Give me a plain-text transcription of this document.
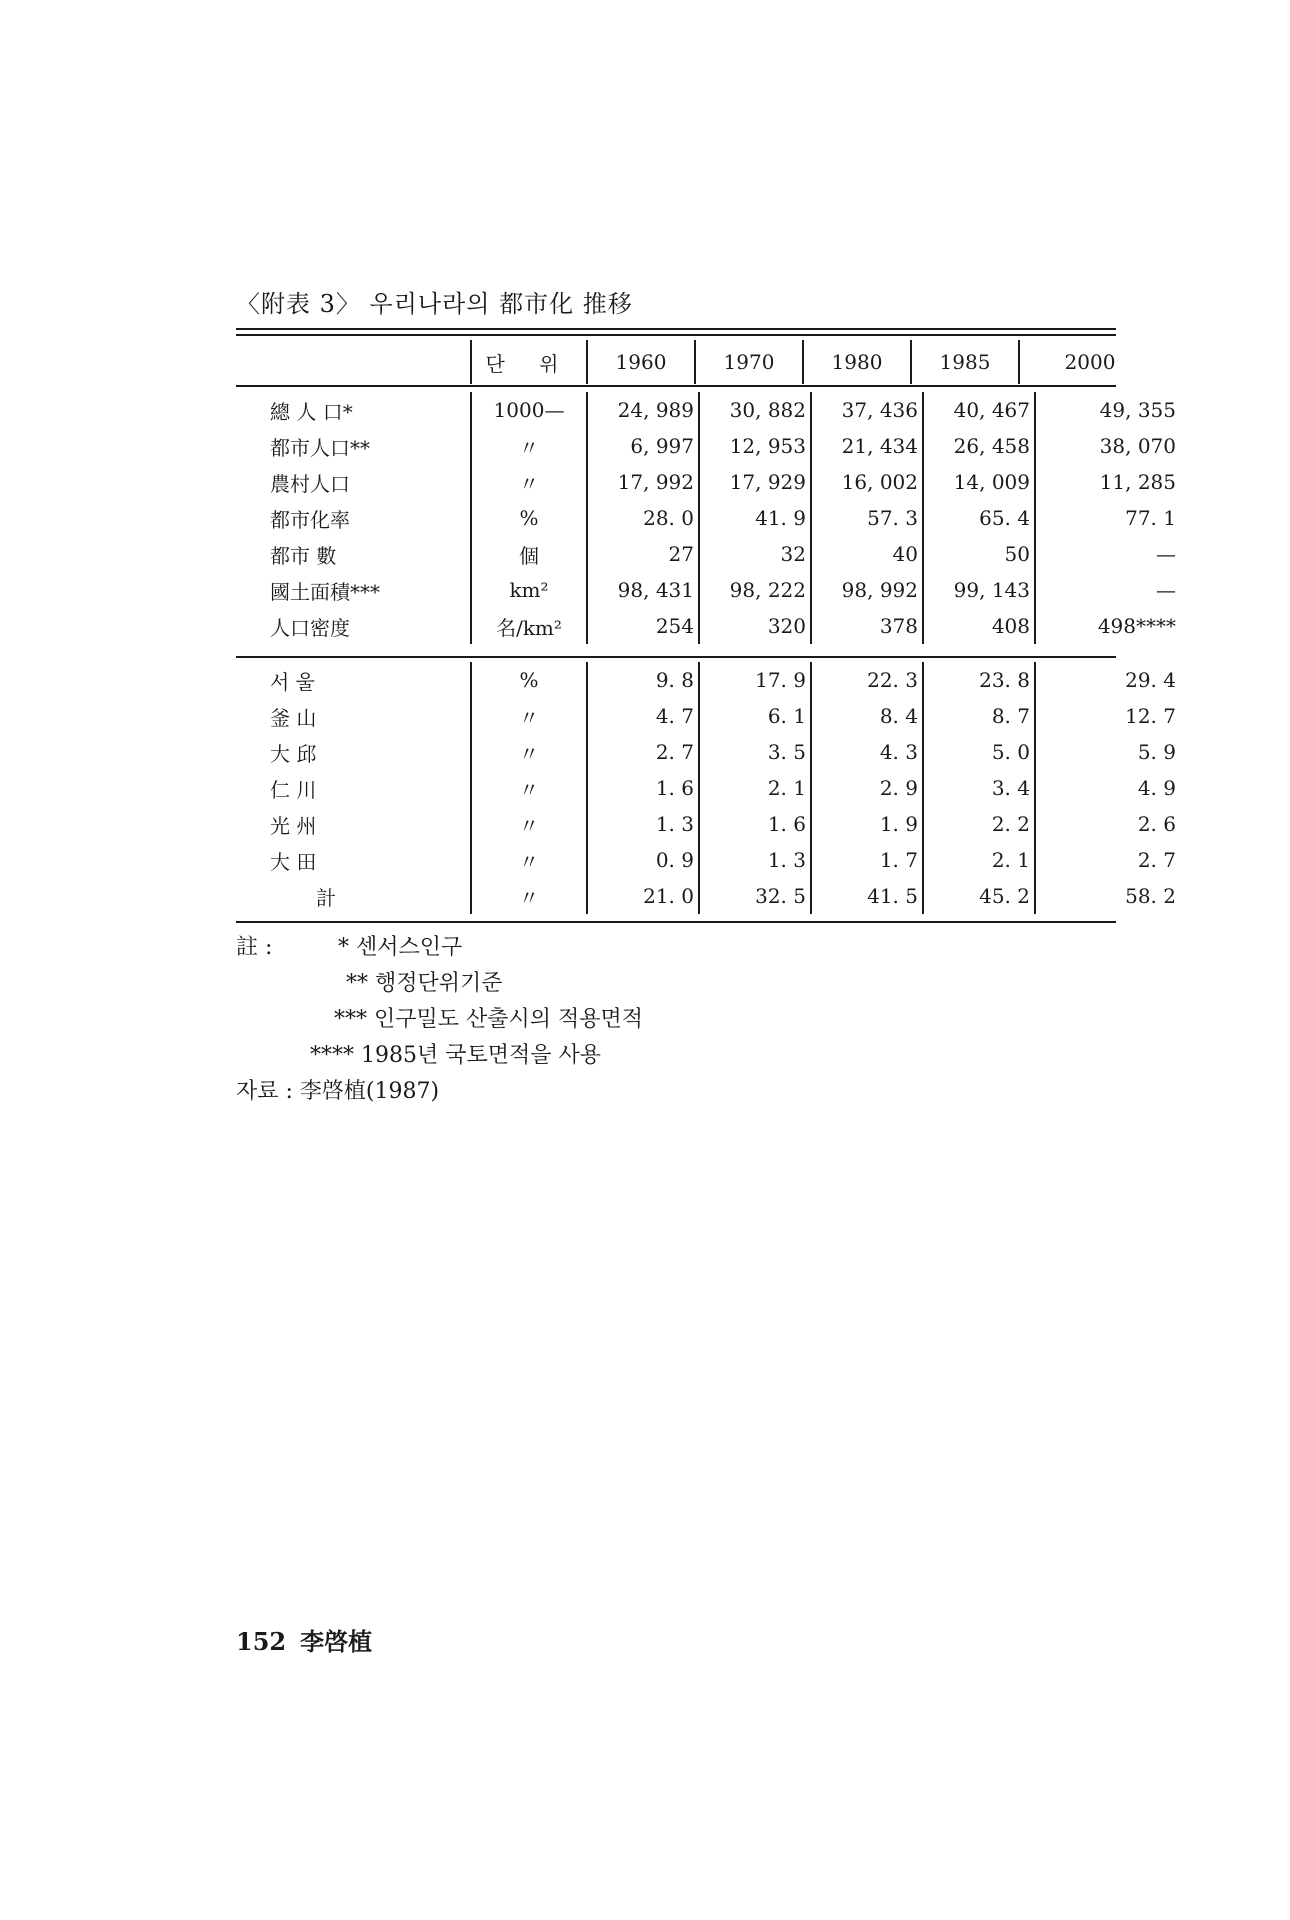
〈附表 3〉 우리나라의 都市化 推移
	단 위	1960	1970	1980	1985	2000
總 人 口*	1000—	24, 989	30, 882	37, 436	40, 467	49, 355
都市人口**	〃	6, 997	12, 953	21, 434	26, 458	38, 070
農村人口	〃	17, 992	17, 929	16, 002	14, 009	11, 285
都市化率	%	28. 0	41. 9	57. 3	65. 4	77. 1
都市 數	個	27	32	40	50	—
國土面積***	km²	98, 431	98, 222	98, 992	99, 143	—
人口密度	名/km²	254	320	378	408	498****
서 울	%	9. 8	17. 9	22. 3	23. 8	29. 4
釜 山	〃	4. 7	6. 1	8. 4	8. 7	12. 7
大 邱	〃	2. 7	3. 5	4. 3	5. 0	5. 9
仁 川	〃	1. 6	2. 1	2. 9	3. 4	4. 9
光 州	〃	1. 3	1. 6	1. 9	2. 2	2. 6
大 田	〃	0. 9	1. 3	1. 7	2. 1	2. 7
計	〃	21. 0	32. 5	41. 5	45. 2	58. 2
註 :	* 센서스인구
** 행정단위기준
*** 인구밀도 산출시의 적용면적
**** 1985년 국토면적을 사용
자료 : 李啓植(1987)
152 李啓植
